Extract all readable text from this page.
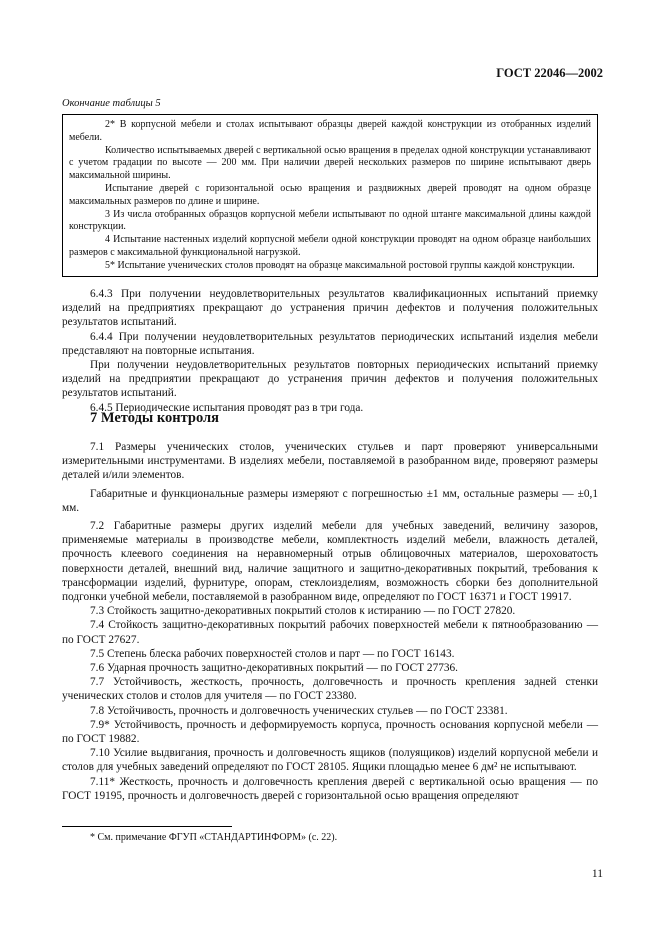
ГОСТ 22046—2002
Окончание таблицы 5

2* В корпусной мебели и столах испытывают образцы дверей каждой конструкции из отобранных изделий мебели.

Количество испытываемых дверей с вертикальной осью вращения в пределах одной конструкции устанавливают с учетом градации по высоте — 200 мм. При наличии дверей нескольких размеров по ширине испытывают дверь максимальной ширины.

Испытание дверей с горизонтальной осью вращения и раздвижных дверей проводят на одном образце максимальных размеров по длине и ширине.

3 Из числа отобранных образцов корпусной мебели испытывают по одной штанге максимальной длины каждой конструкции.

4 Испытание настенных изделий корпусной мебели одной конструкции проводят на одном образце наибольших размеров с максимальной функциональной нагрузкой.

5* Испытание ученических столов проводят на образце максимальной ростовой группы каждой конструкции.

6.4.3 При получении неудовлетворительных результатов квалификационных испытаний приемку изделий на предприятиях прекращают до устранения причин дефектов и получения положительных результатов испытаний.

6.4.4 При получении неудовлетворительных результатов периодических испытаний изделия мебели представляют на повторные испытания.

При получении неудовлетворительных результатов повторных периодических испытаний приемку изделий на предприятии прекращают до устранения причин дефектов и получения положительных результатов испытаний.

6.4.5 Периодические испытания проводят раз в три года.

7 Методы контроля

7.1 Размеры ученических столов, ученических стульев и парт проверяют универсальными измерительными инструментами. В изделиях мебели, поставляемой в разобранном виде, проверяют размеры деталей и/или элементов.

Габаритные и функциональные размеры измеряют с погрешностью ±1 мм, остальные размеры — ±0,1 мм.

7.2 Габаритные размеры других изделий мебели для учебных заведений, величину зазоров, применяемые материалы в производстве мебели, комплектность изделий мебели, влажность деталей, прочность клеевого соединения на неравномерный отрыв облицовочных материалов, шероховатость поверхности деталей, внешний вид, наличие защитного и защитно-декоративных покрытий, требования к трансформации изделий, фурнитуре, опорам, стеклоизделиям, возможность сборки без дополнительной подгонки учебной мебели, поставляемой в разобранном виде, определяют по ГОСТ 16371 и ГОСТ 19917.

7.3 Стойкость защитно-декоративных покрытий столов к истиранию — по ГОСТ 27820.

7.4 Стойкость защитно-декоративных покрытий рабочих поверхностей мебели к пятнообразованию — по ГОСТ 27627.

7.5 Степень блеска рабочих поверхностей столов и парт — по ГОСТ 16143.

7.6 Ударная прочность защитно-декоративных покрытий — по ГОСТ 27736.

7.7 Устойчивость, жесткость, прочность, долговечность и прочность крепления задней стенки ученических столов и столов для учителя — по ГОСТ 23380.

7.8 Устойчивость, прочность и долговечность ученических стульев — по ГОСТ 23381.

7.9* Устойчивость, прочность и деформируемость корпуса, прочность основания корпусной мебели — по ГОСТ 19882.

7.10 Усилие выдвигания, прочность и долговечность ящиков (полуящиков) изделий корпусной мебели и столов для учебных заведений определяют по ГОСТ 28105. Ящики площадью менее 6 дм² не испытывают.

7.11* Жесткость, прочность и долговечность крепления дверей с вертикальной осью вращения — по ГОСТ 19195, прочность и долговечность дверей с горизонтальной осью вращения определяют

* См. примечание ФГУП «СТАНДАРТИНФОРМ» (с. 22).
11
